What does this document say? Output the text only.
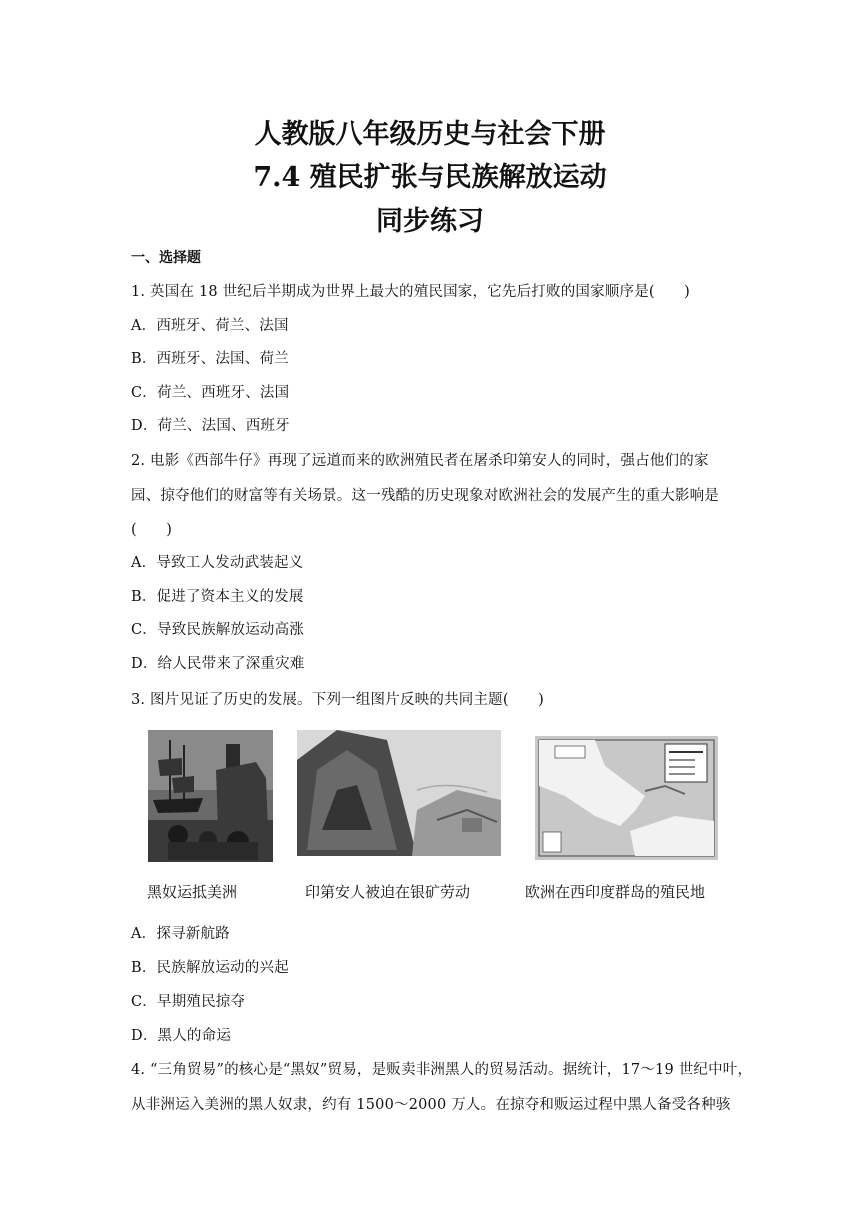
人教版八年级历史与社会下册
7.4 殖民扩张与民族解放运动
同步练习
一、选择题
1. 英国在 18 世纪后半期成为世界上最大的殖民国家，它先后打败的国家顺序是(　　)
A．西班牙、荷兰、法国
B．西班牙、法国、荷兰
C．荷兰、西班牙、法国
D．荷兰、法国、西班牙
2. 电影《西部牛仔》再现了远道而来的欧洲殖民者在屠杀印第安人的同时，强占他们的家
园、掠夺他们的财富等有关场景。这一残酷的历史现象对欧洲社会的发展产生的重大影响是
(　　)
A．导致工人发动武装起义
B．促进了资本主义的发展
C．导致民族解放运动高涨
D．给人民带来了深重灾难
3. 图片见证了历史的发展。下列一组图片反映的共同主题(　　)
黑奴运抵美洲	印第安人被迫在银矿劳动	欧洲在西印度群岛的殖民地
A．探寻新航路
B．民族解放运动的兴起
C．早期殖民掠夺
D．黑人的命运
4. “三角贸易”的核心是“黑奴”贸易，是贩卖非洲黑人的贸易活动。据统计，17～19 世纪中叶，
从非洲运入美洲的黑人奴隶，约有 1500～2000 万人。在掠夺和贩运过程中黑人备受各种骇
